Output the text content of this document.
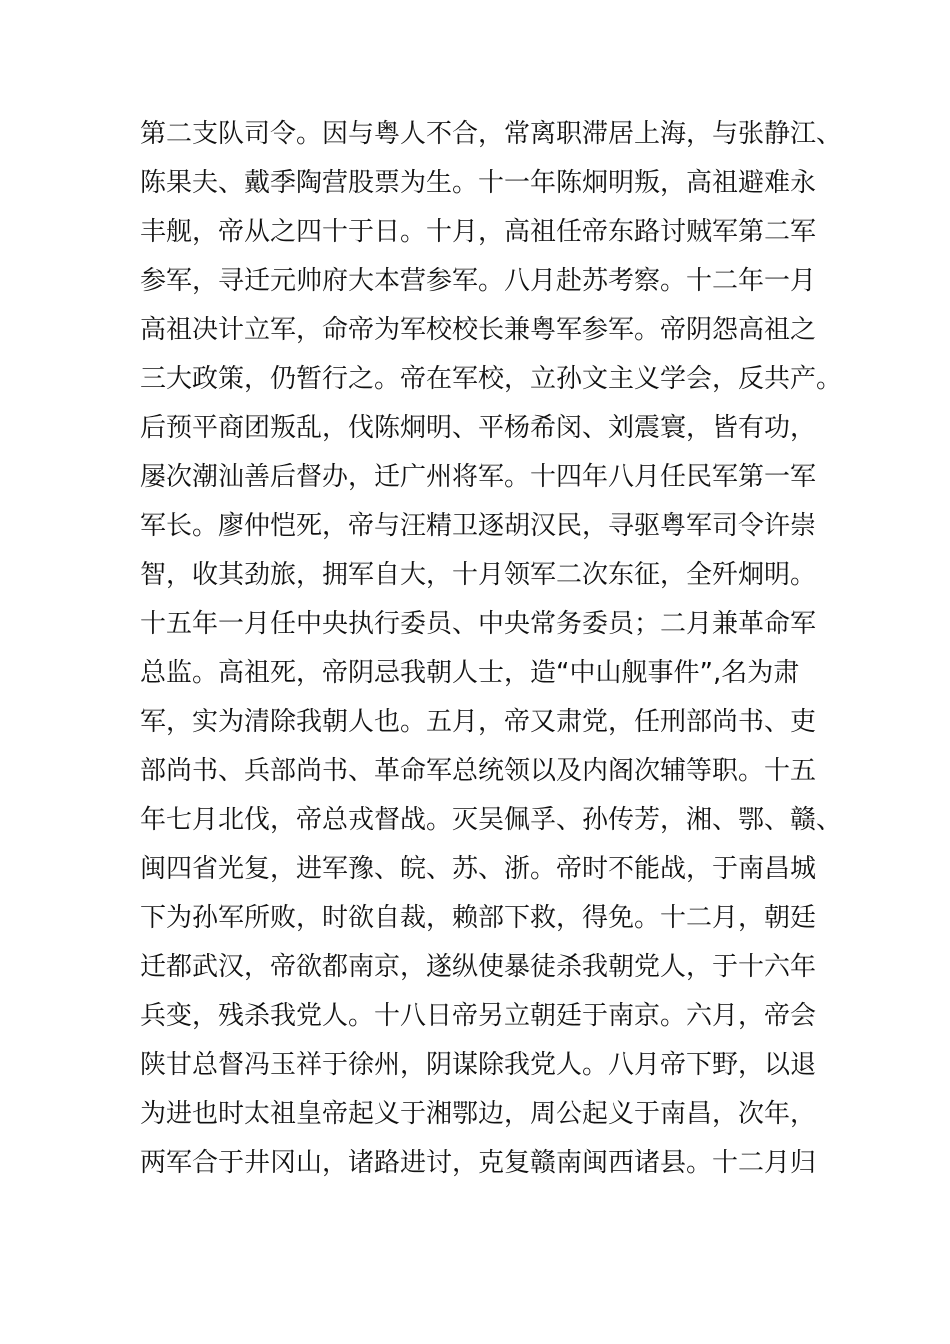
第二支队司令。因与粤人不合，常离职滞居上海，与张静江、
陈果夫、戴季陶营股票为生。十一年陈炯明叛，高祖避难永
丰舰，帝从之四十于日。十月，高祖任帝东路讨贼军第二军
参军，寻迁元帅府大本营参军。八月赴苏考察。十二年一月
高祖决计立军，命帝为军校校长兼粤军参军。帝阴怨高祖之
三大政策，仍暂行之。帝在军校，立孙文主义学会，反共产。
后预平商团叛乱，伐陈炯明、平杨希闵、刘震寰，皆有功，
屡次潮汕善后督办，迁广州将军。十四年八月任民军第一军
军长。廖仲恺死，帝与汪精卫逐胡汉民，寻驱粤军司令许崇
智，收其劲旅，拥军自大，十月领军二次东征，全歼炯明。
十五年一月任中央执行委员、中央常务委员；二月兼革命军
总监。高祖死，帝阴忌我朝人士，造“中山舰事件”,名为肃
军，实为清除我朝人也。五月，帝又肃党，任刑部尚书、吏
部尚书、兵部尚书、革命军总统领以及内阁次辅等职。十五
年七月北伐，帝总戎督战。灭吴佩孚、孙传芳，湘、鄂、赣、
闽四省光复，进军豫、皖、苏、浙。帝时不能战，于南昌城
下为孙军所败，时欲自裁，赖部下救，得免。十二月，朝廷
迁都武汉，帝欲都南京，遂纵使暴徒杀我朝党人，于十六年
兵变，残杀我党人。十八日帝另立朝廷于南京。六月，帝会
陕甘总督冯玉祥于徐州，阴谋除我党人。八月帝下野，以退
为进也时太祖皇帝起义于湘鄂边，周公起义于南昌，次年，
两军合于井冈山，诸路进讨，克复赣南闽西诸县。十二月归
